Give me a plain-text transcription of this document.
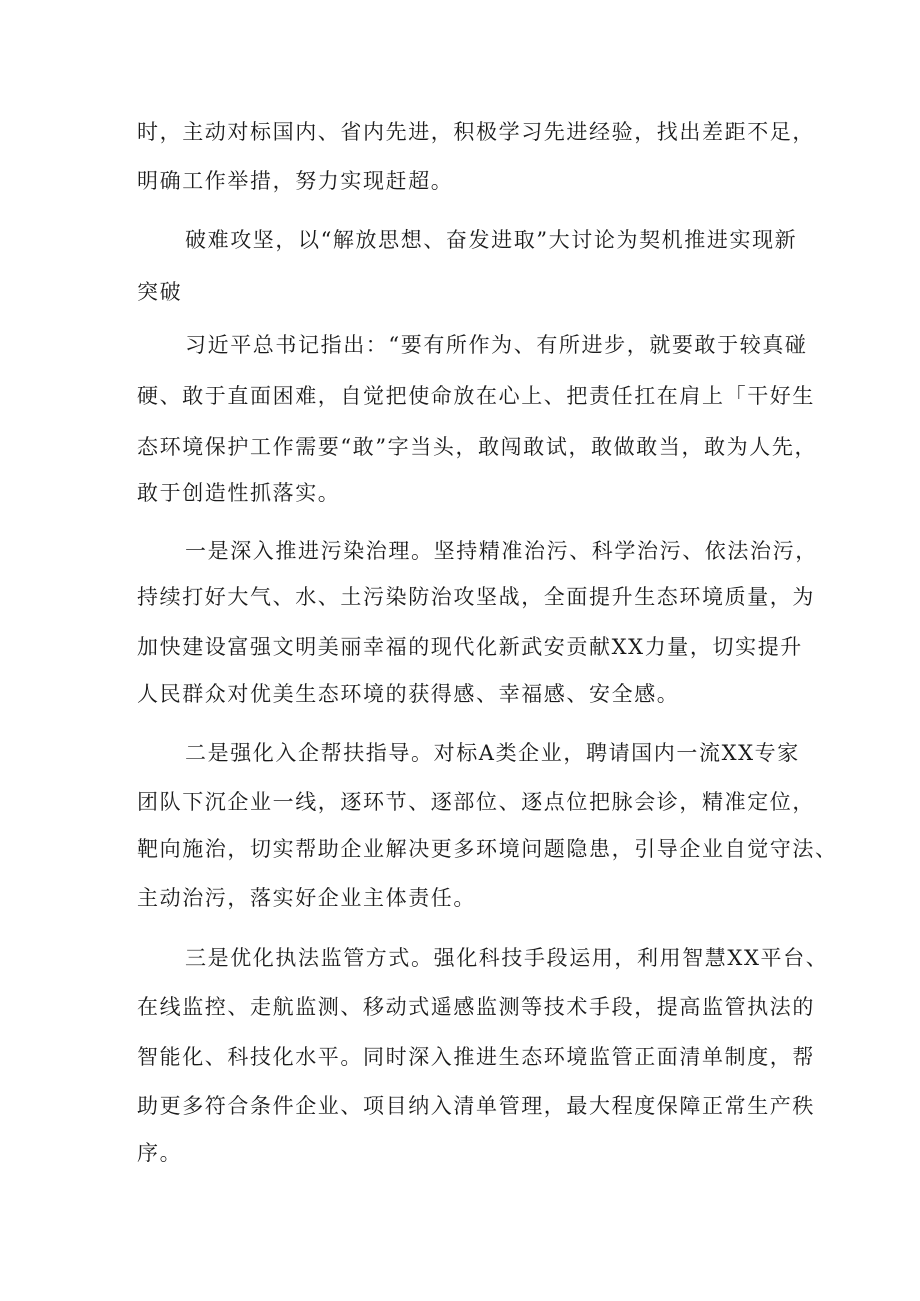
时，主动对标国内、省内先进，积极学习先进经验，找出差距不足，
明确工作举措，努力实现赶超。
破难攻坚，以“解放思想、奋发进取”大讨论为契机推进实现新
突破
习近平总书记指出：“要有所作为、有所进步，就要敢于较真碰
硬、敢于直面困难，自觉把使命放在心上、把责任扛在肩上「干好生
态环境保护工作需要“敢”字当头，敢闯敢试，敢做敢当，敢为人先，
敢于创造性抓落实。
一是深入推进污染治理。坚持精准治污、科学治污、依法治污，
持续打好大气、水、土污染防治攻坚战，全面提升生态环境质量，为
加快建设富强文明美丽幸福的现代化新武安贡献XX力量，切实提升
人民群众对优美生态环境的获得感、幸福感、安全感。
二是强化入企帮扶指导。对标A类企业，聘请国内一流XX专家
团队下沉企业一线，逐环节、逐部位、逐点位把脉会诊，精准定位，
靶向施治，切实帮助企业解决更多环境问题隐患，引导企业自觉守法、
主动治污，落实好企业主体责任。
三是优化执法监管方式。强化科技手段运用，利用智慧XX平台、
在线监控、走航监测、移动式遥感监测等技术手段，提高监管执法的
智能化、科技化水平。同时深入推进生态环境监管正面清单制度，帮
助更多符合条件企业、项目纳入清单管理，最大程度保障正常生产秩
序。
